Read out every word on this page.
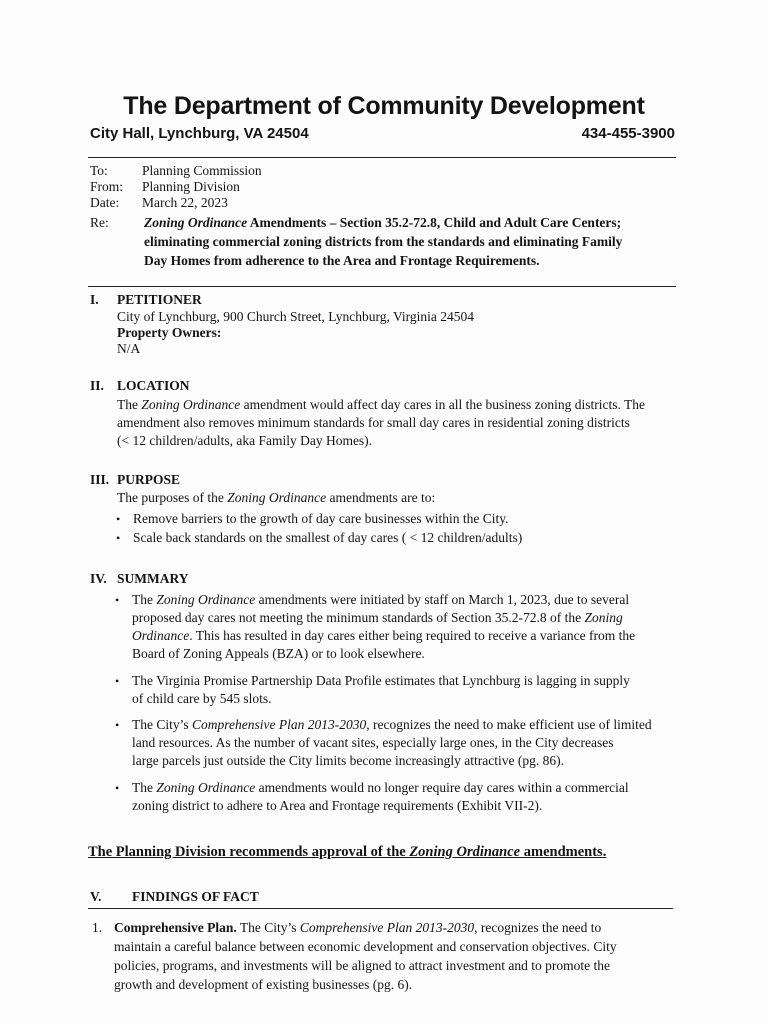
The Department of Community Development
City Hall, Lynchburg, VA 24504	434-455-3900
To:	Planning Commission
From:	Planning Division
Date:	March 22, 2023
Re:	Zoning Ordinance Amendments – Section 35.2-72.8, Child and Adult Care Centers;
eliminating commercial zoning districts from the standards and eliminating Family
Day Homes from adherence to the Area and Frontage Requirements.
I. PETITIONER
City of Lynchburg, 900 Church Street, Lynchburg, Virginia 24504
Property Owners:
N/A
II. LOCATION
The Zoning Ordinance amendment would affect day cares in all the business zoning districts. The
amendment also removes minimum standards for small day cares in residential zoning districts
(< 12 children/adults, aka Family Day Homes).
III. PURPOSE
The purposes of the Zoning Ordinance amendments are to:
• Remove barriers to the growth of day care businesses within the City.
• Scale back standards on the smallest of day cares ( < 12 children/adults)
IV. SUMMARY
• The Zoning Ordinance amendments were initiated by staff on March 1, 2023, due to several
proposed day cares not meeting the minimum standards of Section 35.2-72.8 of the Zoning
Ordinance. This has resulted in day cares either being required to receive a variance from the
Board of Zoning Appeals (BZA) or to look elsewhere.
• The Virginia Promise Partnership Data Profile estimates that Lynchburg is lagging in supply
of child care by 545 slots.
• The City’s Comprehensive Plan 2013-2030, recognizes the need to make efficient use of limited
land resources. As the number of vacant sites, especially large ones, in the City decreases
large parcels just outside the City limits become increasingly attractive (pg. 86).
• The Zoning Ordinance amendments would no longer require day cares within a commercial
zoning district to adhere to Area and Frontage requirements (Exhibit VII-2).
The Planning Division recommends approval of the Zoning Ordinance amendments.
V. FINDINGS OF FACT
1. Comprehensive Plan. The City’s Comprehensive Plan 2013-2030, recognizes the need to
maintain a careful balance between economic development and conservation objectives. City
policies, programs, and investments will be aligned to attract investment and to promote the
growth and development of existing businesses (pg. 6).
